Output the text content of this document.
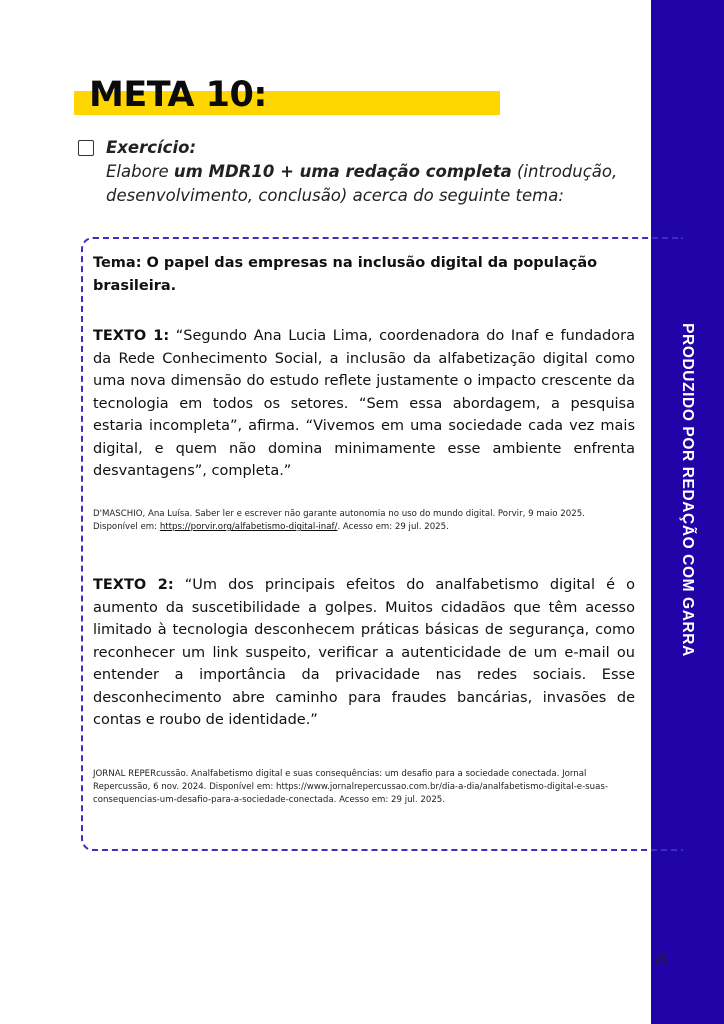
PRODUZIDO POR REDAÇÃO COM GARRA
META 10:
Exercício:
Elabore um MDR10 + uma redação completa (introdução, desenvolvimento, conclusão) acerca do seguinte tema:
Tema: O papel das empresas na inclusão digital da população brasileira.
TEXTO 1: “Segundo Ana Lucia Lima, coordenadora do Inaf e fundadora da Rede Conhecimento Social, a inclusão da alfabetização digital como uma nova dimensão do estudo reflete justamente o impacto crescente da tecnologia em todos os setores. “Sem essa abordagem, a pesquisa estaria incompleta”, afirma. “Vivemos em uma sociedade cada vez mais digital, e quem não domina minimamente esse ambiente enfrenta desvantagens”, completa.”
D'MASCHIO, Ana Luísa. Saber ler e escrever não garante autonomia no uso do mundo digital. Porvir, 9 maio 2025. Disponível em: https://porvir.org/alfabetismo-digital-inaf/. Acesso em: 29 jul. 2025.
TEXTO 2: “Um dos principais efeitos do analfabetismo digital é o aumento da suscetibilidade a golpes. Muitos cidadãos que têm acesso limitado à tecnologia desconhecem práticas básicas de segurança, como reconhecer um link suspeito, verificar a autenticidade de um e-mail ou entender a importância da privacidade nas redes sociais. Esse desconhecimento abre caminho para fraudes bancárias, invasões de contas e roubo de identidade.”
JORNAL REPERcussão. Analfabetismo digital e suas consequências: um desafio para a sociedade conectada. Jornal Repercussão, 6 nov. 2024. Disponível em: https://www.jornalrepercussao.com.br/dia-a-dia/analfabetismo-digital-e-suas-consequencias-um-desafio-para-a-sociedade-conectada. Acesso em: 29 jul. 2025.
25
